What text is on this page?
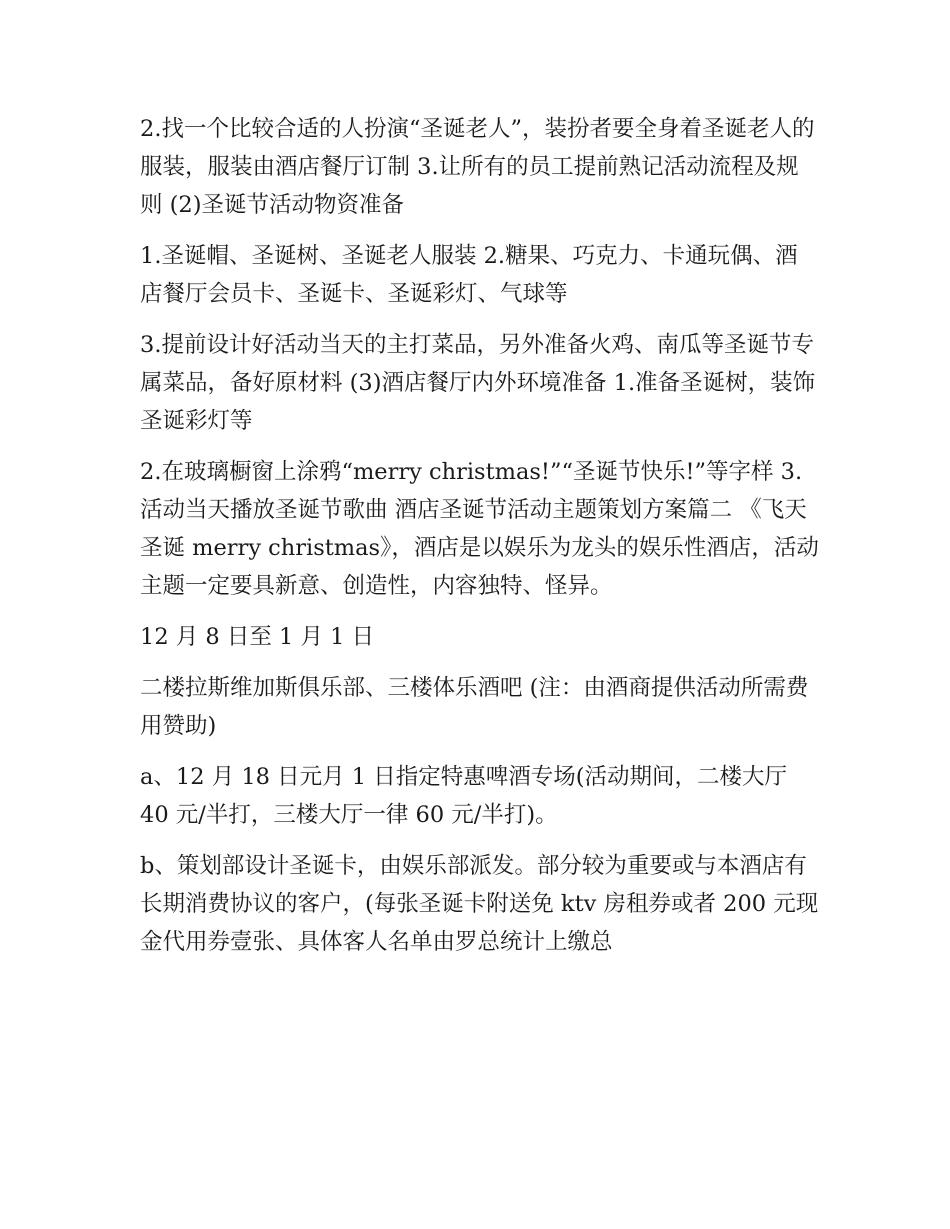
2.找一个比较合适的人扮演“圣诞老人”，装扮者要全身着圣诞老人的服装，服装由酒店餐厅订制 3.让所有的员工提前熟记活动流程及规则 (2)圣诞节活动物资准备

1.圣诞帽、圣诞树、圣诞老人服装 2.糖果、巧克力、卡通玩偶、酒店餐厅会员卡、圣诞卡、圣诞彩灯、气球等

3.提前设计好活动当天的主打菜品，另外准备火鸡、南瓜等圣诞节专属菜品，备好原材料 (3)酒店餐厅内外环境准备 1.准备圣诞树，装饰圣诞彩灯等

2.在玻璃橱窗上涂鸦“merry christmas!”“圣诞节快乐!”等字样 3.活动当天播放圣诞节歌曲 酒店圣诞节活动主题策划方案篇二 《飞天圣诞 merry christmas》，酒店是以娱乐为龙头的娱乐性酒店，活动主题一定要具新意、创造性，内容独特、怪异。

12 月 8 日至 1 月 1 日

二楼拉斯维加斯俱乐部、三楼体乐酒吧 (注：由酒商提供活动所需费用赞助)

a、12 月 18 日元月 1 日指定特惠啤酒专场(活动期间，二楼大厅 40 元/半打，三楼大厅一律 60 元/半打)。

b、策划部设计圣诞卡，由娱乐部派发。部分较为重要或与本酒店有长期消费协议的客户，(每张圣诞卡附送免 ktv 房租券或者 200 元现金代用券壹张、具体客人名单由罗总统计上缴总
